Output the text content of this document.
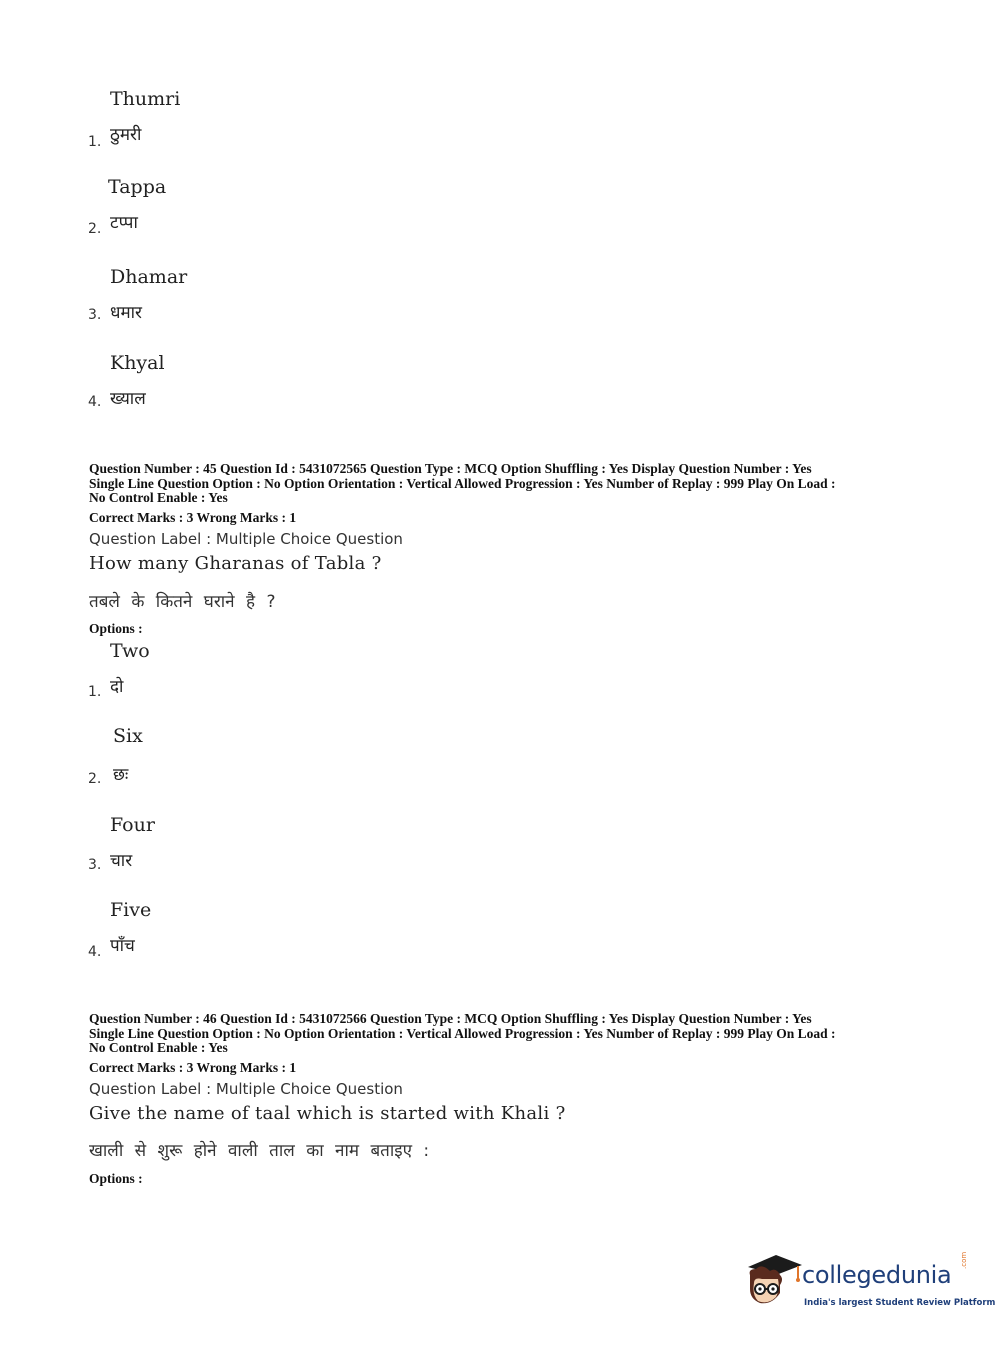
Thumri
1. ठुमरी
Tappa
2. टप्पा
Dhamar
3. धमार
Khyal
4. ख्याल
Question Number : 45 Question Id : 5431072565 Question Type : MCQ Option Shuffling : Yes Display Question Number : Yes
Single Line Question Option : No Option Orientation : Vertical Allowed Progression : Yes Number of Replay : 999 Play On Load :
No Control Enable : Yes
Correct Marks : 3 Wrong Marks : 1
Question Label : Multiple Choice Question
How many Gharanas of Tabla ?
तबले के कितने घराने है ?
Options :
Two
1. दो
Six
2. छः
Four
3. चार
Five
4. पाँच
Question Number : 46 Question Id : 5431072566 Question Type : MCQ Option Shuffling : Yes Display Question Number : Yes
Single Line Question Option : No Option Orientation : Vertical Allowed Progression : Yes Number of Replay : 999 Play On Load :
No Control Enable : Yes
Correct Marks : 3 Wrong Marks : 1
Question Label : Multiple Choice Question
Give the name of taal which is started with Khali ?
खाली से शुरू होने वाली ताल का नाम बताइए :
Options :
collegedunia
.com
India's largest Student Review Platform
